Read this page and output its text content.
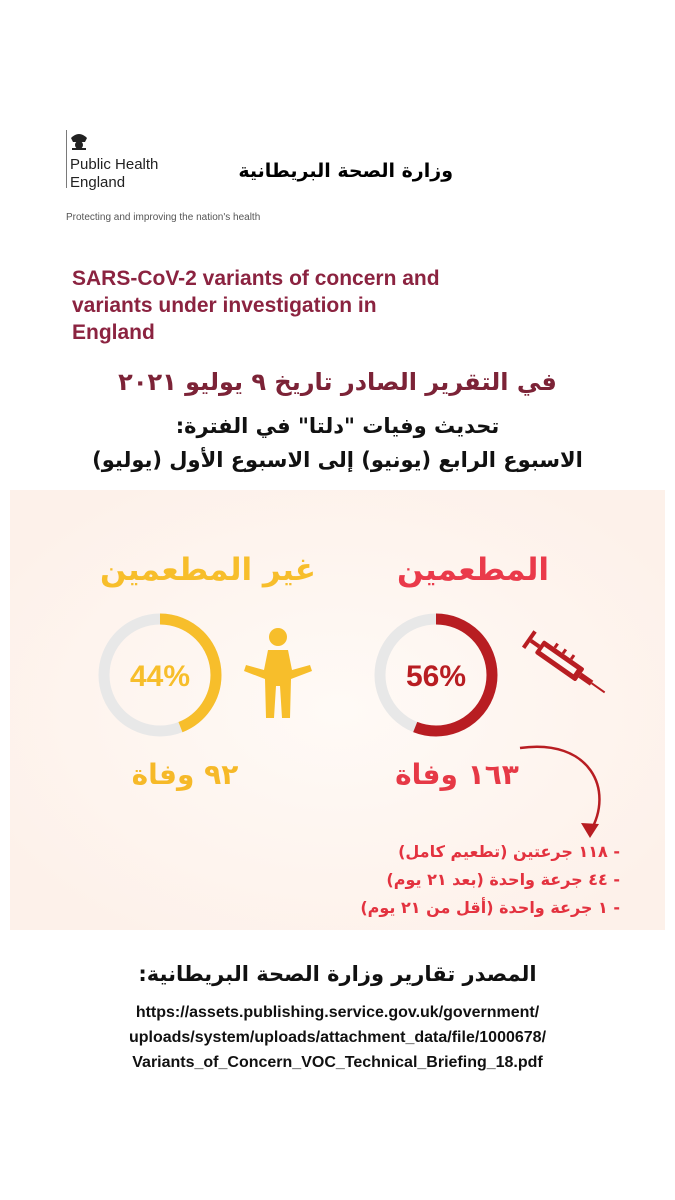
Public Health
England
وزارة الصحة البريطانية
Protecting and improving the nation's health
SARS-CoV-2 variants of concern and
variants under investigation in
England
في التقرير الصادر تاريخ ٩ يوليو ٢٠٢١
تحديث وفيات "دلتا" في الفترة:
الاسبوع الرابع (يونيو) إلى الاسبوع الأول (يوليو)
44%	56%
غير المطعمين	المطعمين
٩٢ وفاة	١٦٣ وفاة
- ١١٨ جرعتين (تطعيم كامل)
- ٤٤ جرعة واحدة (بعد ٢١ يوم)
- ١ جرعة واحدة (أقل من ٢١ يوم)
المصدر تقارير وزارة الصحة البريطانية:
https://assets.publishing.service.gov.uk/government/
uploads/system/uploads/attachment_data/file/1000678/
Variants_of_Concern_VOC_Technical_Briefing_18.pdf
